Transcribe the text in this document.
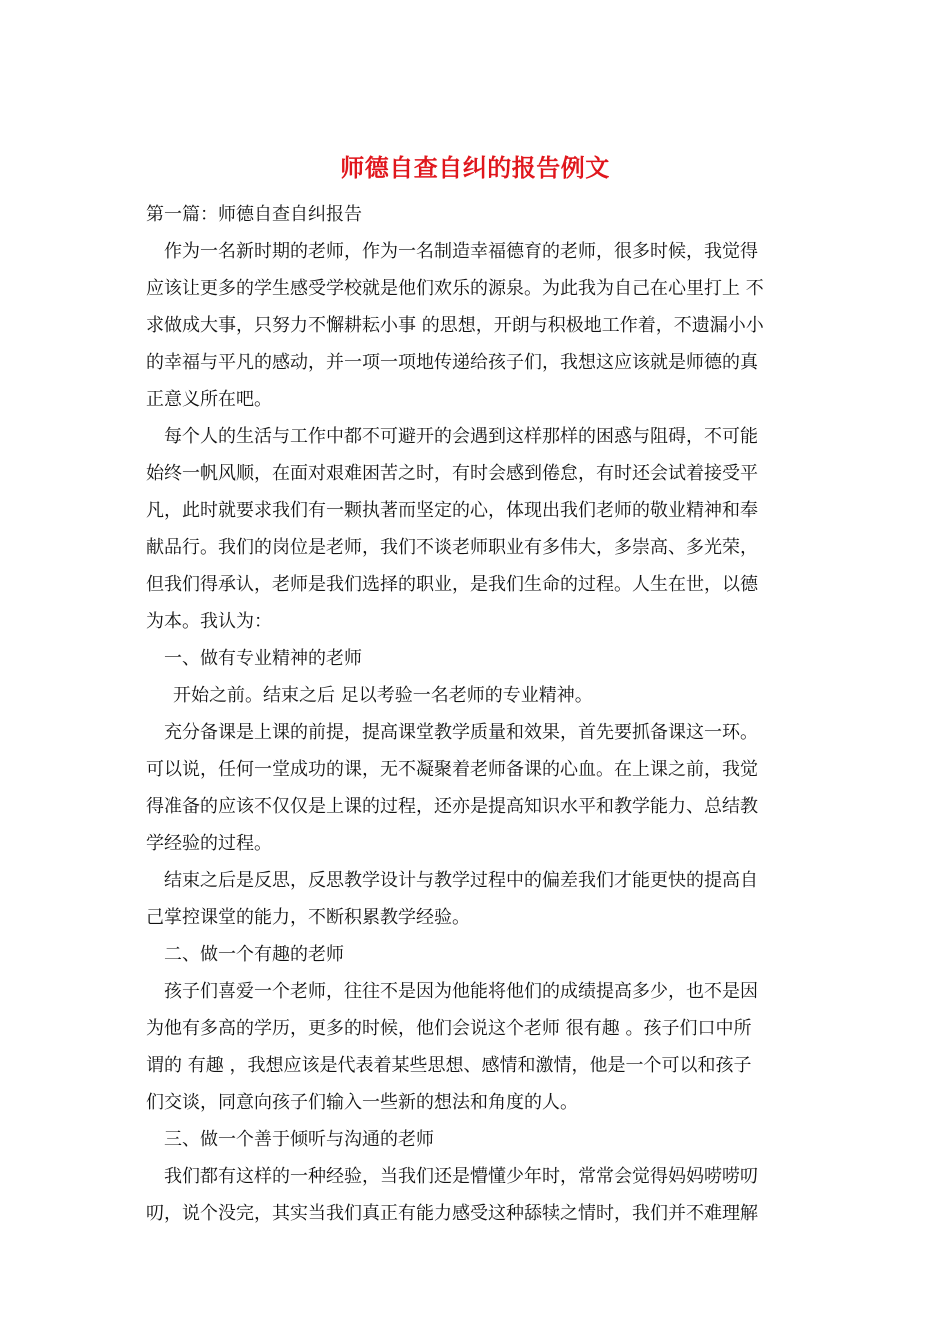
师德自查自纠的报告例文
第一篇：师德自查自纠报告
作为一名新时期的老师，作为一名制造幸福德育的老师，很多时候，我觉得
应该让更多的学生感受学校就是他们欢乐的源泉。为此我为自己在心里打上 不
求做成大事，只努力不懈耕耘小事 的思想，开朗与积极地工作着，不遗漏小小
的幸福与平凡的感动，并一项一项地传递给孩子们，我想这应该就是师德的真
正意义所在吧。
每个人的生活与工作中都不可避开的会遇到这样那样的困惑与阻碍，不可能
始终一帆风顺，在面对艰难困苦之时，有时会感到倦怠，有时还会试着接受平
凡，此时就要求我们有一颗执著而坚定的心，体现出我们老师的敬业精神和奉
献品行。我们的岗位是老师，我们不谈老师职业有多伟大，多崇高、多光荣，
但我们得承认，老师是我们选择的职业，是我们生命的过程。人生在世，以德
为本。我认为：
一、做有专业精神的老师
开始之前。结束之后 足以考验一名老师的专业精神。
充分备课是上课的前提，提高课堂教学质量和效果，首先要抓备课这一环。
可以说，任何一堂成功的课，无不凝聚着老师备课的心血。在上课之前，我觉
得准备的应该不仅仅是上课的过程，还亦是提高知识水平和教学能力、总结教
学经验的过程。
结束之后是反思，反思教学设计与教学过程中的偏差我们才能更快的提高自
己掌控课堂的能力，不断积累教学经验。
二、做一个有趣的老师
孩子们喜爱一个老师，往往不是因为他能将他们的成绩提高多少，也不是因
为他有多高的学历，更多的时候，他们会说这个老师 很有趣 。孩子们口中所
谓的 有趣 ，我想应该是代表着某些思想、感情和激情，他是一个可以和孩子
们交谈，同意向孩子们输入一些新的想法和角度的人。
三、做一个善于倾听与沟通的老师
我们都有这样的一种经验，当我们还是懵懂少年时，常常会觉得妈妈唠唠叨
叨，说个没完，其实当我们真正有能力感受这种舔犊之情时，我们并不难理解
